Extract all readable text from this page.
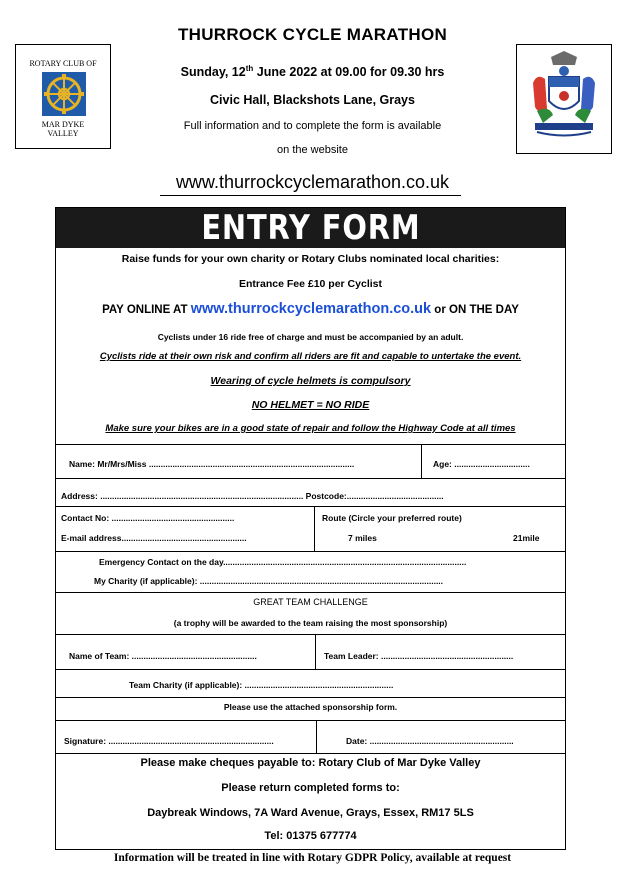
ROTARY CLUB OF
MAR DYKE
VALLEY
THURROCK CYCLE MARATHON
Sunday, 12th June 2022 at 09.00 for 09.30 hrs
Civic Hall, Blackshots Lane, Grays
Full information and to complete the form is available
on the website
www.thurrockcyclemarathon.co.uk
ENTRY FORM
Raise funds for your own charity or Rotary Clubs nominated local charities:
Entrance Fee £10 per Cyclist
PAY ONLINE AT www.thurrockcyclemarathon.co.uk or ON THE DAY
Cyclists under 16 ride free of charge and must be accompanied by an adult.
Cyclists ride at their own risk and confirm all riders are fit and capable to untertake the event.
Wearing of cycle helmets is compulsory
NO HELMET = NO RIDE
Make sure your bikes are in a good state of repair and follow the Highway Code at all times
Name: Mr/Mrs/Miss .......................................................................................	Age: ................................
Address: ...................................................................................... Postcode:.........................................
Contact No: ....................................................
E-mail address.....................................................
Route (Circle your preferred route)
7 miles	21mile
Emergency Contact on the day.......................................................................................................
My Charity (if applicable): .......................................................................................................
GREAT TEAM CHALLENGE
(a trophy will be awarded to the team raising the most sponsorship)
Name of Team: .....................................................	Team Leader: ........................................................
Team Charity (if applicable): ...............................................................
Please use the attached sponsorship form.
Signature: ......................................................................	Date: .............................................................
Please make cheques payable to: Rotary Club of Mar Dyke Valley
Please return completed forms to:
Daybreak Windows, 7A Ward Avenue, Grays, Essex, RM17 5LS
Tel: 01375 677774
Information will be treated in line with Rotary GDPR Policy, available at request
